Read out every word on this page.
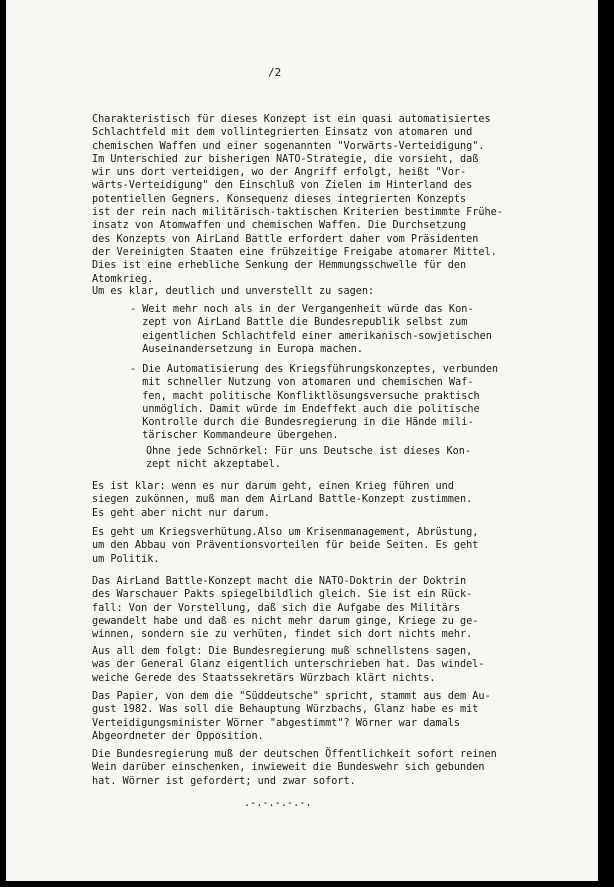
/2

Charakteristisch für dieses Konzept ist ein quasi automatisiertes
Schlachtfeld mit dem vollintegrierten Einsatz von atomaren und
chemischen Waffen und einer sogenannten "Vorwärts-Verteidigung".
Im Unterschied zur bisherigen NATO-Strategie, die vorsieht, daß
wir uns dort verteidigen, wo der Angriff erfolgt, heißt "Vor-
wärts-Verteidigung" den Einschluß von Zielen im Hinterland des
potentiellen Gegners. Konsequenz dieses integrierten Konzepts
ist der rein nach militärisch-taktischen Kriterien bestimmte Frühe-
insatz von Atomwaffen und chemischen Waffen. Die Durchsetzung
des Konzepts von AirLand Battle erfordert daher vom Präsidenten
der Vereinigten Staaten eine frühzeitige Freigabe atomarer Mittel.
Dies ist eine erhebliche Senkung der Hemmungsschwelle für den
Atomkrieg.

Um es klar, deutlich und unverstellt zu sagen:

- Weit mehr noch als in der Vergangenheit würde das Kon-
zept von AirLand Battle die Bundesrepublik selbst zum
eigentlichen Schlachtfeld einer amerikanisch-sowjetischen
Auseinandersetzung in Europa machen.

- Die Automatisierung des Kriegsführungskonzeptes, verbunden
mit schneller Nutzung von atomaren und chemischen Waf-
fen, macht politische Konfliktlösungsversuche praktisch
unmöglich. Damit würde im Endeffekt auch die politische
Kontrolle durch die Bundesregierung in die Hände mili-
tärischer Kommandeure übergehen.

Ohne jede Schnörkel: Für uns Deutsche ist dieses Kon-
zept nicht akzeptabel.

Es ist klar: wenn es nur darum geht, einen Krieg führen und
siegen zukönnen, muß man dem AirLand Battle-Konzept zustimmen.
Es geht aber nicht nur darum.

Es geht um Kriegsverhütung.Also um Krisenmanagement, Abrüstung,
um den Abbau von Präventionsvorteilen für beide Seiten. Es geht
um Politik.

Das AirLand Battle-Konzept macht die NATO-Doktrin der Doktrin
des Warschauer Pakts spiegelbildlich gleich. Sie ist ein Rück-
fall: Von der Vorstellung, daß sich die Aufgabe des Militärs
gewandelt habe und daß es nicht mehr darum ginge, Kriege zu ge-
winnen, sondern sie zu verhüten, findet sich dort nichts mehr.

Aus all dem folgt: Die Bundesregierung muß schnellstens sagen,
was der General Glanz eigentlich unterschrieben hat. Das windel-
weiche Gerede des Staatssekretärs Würzbach klärt nichts.

Das Papier, von dem die "Süddeutsche" spricht, stammt aus dem Au-
gust 1982. Was soll die Behauptung Würzbachs, Glanz habe es mit
Verteidigungsminister Wörner "abgestimmt"? Wörner war damals
Abgeordneter der Opposition.

Die Bundesregierung muß der deutschen Öffentlichkeit sofort reinen
Wein darüber einschenken, inwieweit die Bundeswehr sich gebunden
hat. Wörner ist gefordert; und zwar sofort.

.-.-.-.-.-.
